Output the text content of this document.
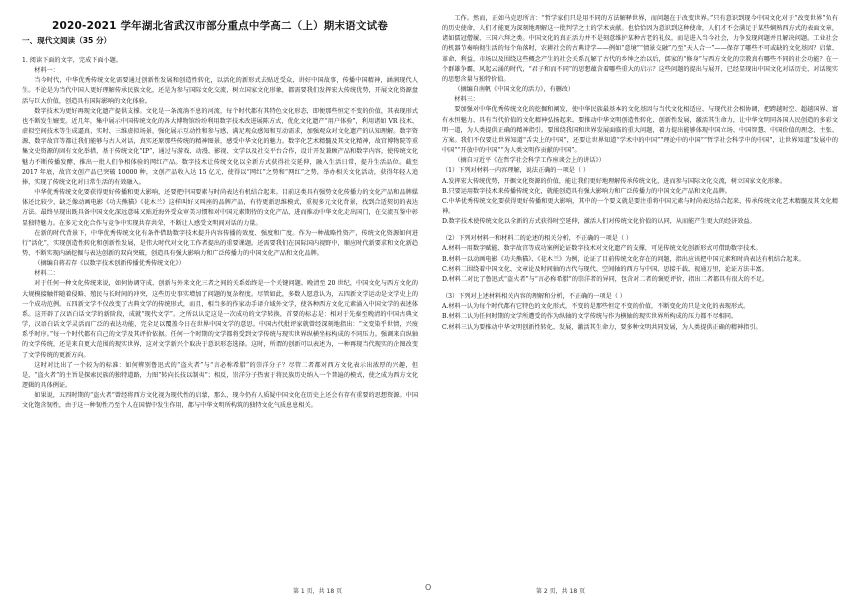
2020-2021 学年湖北省武汉市部分重点中学高二（上）期末语文试卷
一、现代文阅读（35 分）

1. 阅读下面的文字，完成下面小题。

材料一：

当今时代，中华优秀传统文化需要通过创新性发展和创造性转化，以活化的新形式去贴近受众，讲好中国故事，传播中国精神，涵润现代人生。不论是为当代中国人更好理解传承民族文化，还是为参与国际文化交流，树立国家文化形象，都需要我们发挥宏大传统优势，开展文化资源盘活与巨大价值，创造具有国际影响的文化体验。

数字技术为更好再现文化遗产提供支撑。文化是一条流淌不息的河流，每个时代都有其特色文化形态，即便那些恒定不变的价值，其表现形式也不断发生嬗变。近几年，集中展示中国传统文化的各大博物馆纷纷利用数字技术改进展陈方式，优化文化遗产“用户体验”，利用诸如 VR 技术、虚拟空间技术等生成逼真、实时、三维虚拟场景，强化展示互动性和参与感，满足观众感知和互动需求，加强观众对文化遗产的认知理解。数字资源、数字故宫等都让我们能够与古人对话，真实还原那些传统的精神图景，感受中华文化的魅力。数字化艺术精髓及其文化精神，故宫博物院等重集文史资源的固有文化举措，基于传统文化“IP”，通过与游戏、动漫、影视、文学以及社交平台合作，设计开发兼顾产品和数字内容，使传统文化魅力不断传播发酵，推出一批人们争相体验的网红产品。数字技术让传统文化以全新方式获得社交延伸，融入生活日常，提升生活品位。截至 2017 年底，故宫文创产品已突破 10000 种，文创产品收入达 15 亿元，使得以“网红”之势和“网红”之势，举办相关文化活动，获得年轻人追捧，实现了传统文化对日常生活的有效融入。

中华优秀传统文化要获得更好传播和更大影响，还要把中国要素与时尚表达有机结合起来。目前这类具有强势文化传播力的文化产品和品牌媒体还比较少，缺乏像动画电影《功夫熊猫》《花木兰》这样叫好又叫座的品牌产品，有待更新思维模式，重视多元文化背景，找到合适契切的表达方法。最终呈现出既具备中国文化深远意味又贴近海外受众审美习惯和对中国元素期待的文化产品，进而推动中华文化走出国门，在交流互鉴中彰显独特魅力。在多元文化合作与竞争中实现共存共荣，不断让人感受文明间对话的力量。

在新的时代背景下，中华优秀传统文化有条件借助数字技术提升内容传播的效度、强度和广度。作为一种战略性资产，传统文化资源如何进行“活化”，实现创造性转化和创新性发展，是伟大时代对文化工作者提出的重要课题。还需要我们在国际国内视野中，顺应时代新要求和文化新趋势，不断实现内涵挖掘与表达创新的双向突破，创造具有强大影响力和广泛传播力的中国文化产品和文化品牌。

（摘编自蒋若存《以数字技术创新传播优秀传统文化》）

材料二：

对于任何一种文化传统来说，如何协调守成、创新与外来文化三者之间的关系始终是一个关键问题。晚清至 20 世纪，中国文化与西方文化的大规模接触伴随着侵略、殖民与长时间的冲突，这些历史事实增加了问题的复杂程度。尽管如此，多数人愿意认为，五四新文学运动是文学史上的一个成功范例。五四新文学不仅改变了古典文学的传统形式，而且，相当多的作家动手译介域外文学，使各种西方文化元素涌入中国文学的表述体系。这开辟了汉语白话文学的新阶段，成就“现代文学”。之所以认定这是一次成功的文学转换，首要的标志是：相对于先秦至晚清的中国古典文学，汉语白话文学灵活而广泛的表达功能，完全足以覆盖今日在世界中国文学的意思。中国古代批评家就曾经深刻地指出：“文变染乎世情，兴废系乎时序。”每一个时代都有自己的文学及其评价依据。任何一个时期的文学都将受到文学传统与现实世界纵横坐标构成的不同压力。强调来自纵轴的文学传统，还是来自更大范围的现实世界，这对文学新兴个取决于意识形态选择。这时，所谓的创新可以表述为，一种再现当代现实的企图改变了文学传统的更新方向。

这时对比出了一个较为的标准：如何辨别鲁迅式的“盗火者”与“言必称希腊”的崇洋分子？尽管二者都对西方文化表示出浓厚的兴趣，但是，“盗火者”的主旨是探索民族的独特道路，力图“转向长技以制夷”；相反，崇洋分子热衷于将民族历史纳入一个普遍的模式，使之成为西方文化逻辑的具体例证。

如果说，五四时期的“盗火者”曾经将西方文化视为现代性的启蒙，那么，现今仍有人质疑中国文化在历史上还会有存有重要的思想资源。中国文化饱含韧性，由于这一种韧性乃至个人在国情中发生作用，都与中华文明所构筑的独特文化气质息息相关。

工作。然而，正如马克思所言：“哲学家们只是用不同的方法解释世界，而问题在于改变世界。”只有意识到现今中国文化对于“改变世界”负有的历史使命，人们才能更为深刻地理解这一批判学之士的学术贡献。也恰恰因为意识到这种使命，人们才不会满足于某些娴熟西方式的表面文章，诸如儒冠僧履、三国六拜之类。中国文化的真正活力并不是刻意维护某种古老的礼仪，而是进入当今社会，力争发现问题并且解决问题。工业社会的机器节奏响彻生活的每个角落时，农耕社会的古典诗学——例如“意境”“情景交融”乃至“天人合一”——保存了哪些不可或缺的文化基因？启蒙、革命、利益、市场以及围绕这些概念产生的社会关系瓦解了古代的乡绅之治以后，儒家的“修身”与西方文化的宗教真有哪些不同的社会功能？在一个群雄争霸、风起云涌的时代，“君子和而不同”的思想蕴含着哪些重大的启示？这些问题的提出与展开，已经显现出中国文化对话历史、对话现实的思想含量与独特价值。

（摘编自南帆《中国文化的活力》，有删改）

材料三：

要加强对中华优秀传统文化的挖掘和阐发，使中华民族最基本的文化基因与当代文化相适应、与现代社会相协调，把跨越时空、超越国界、富有永恒魅力、具有当代价值的文化精神弘扬起来。要推动中华文明创造性转化、创新性发展，激活其生命力，让中华文明同各国人民创造的多彩文明一道，为人类提供正确的精神指引。要围绕我国和世界发展面临的重大问题，着力提出能够体现中国立场、中国智慧、中国价值的理念、主张、方案。我们不仅要让世界知道“舌尖上的中国”，还要让世界知道“学术中的中国”“理论中的中国”“哲学社会科学中的中国”，让世界知道“发展中的中国”“开放中的中国”“为人类文明作贡献的中国”。

（摘自习近平《在哲学社会科学工作座谈会上的讲话》）

（1）下列对材料一内容理解，说法正确的一项是（ ）

A.发挥宏大传统优势，开掘文化资源的价值，能让我们更好地理解传承传统文化，进而参与国际文化交流，树立国家文化形象。

B.只要运用数字技术来传播传统文化，就能创造具有强大影响力和广泛传播力的中国文化产品和文化品牌。

C.中华优秀传统文化要获得更好传播和更大影响，其中的一个要义就是要注重将中国元素与时尚表达结合起来，传承传统文化艺术精髓及其文化精神。

D.数字技术使传统文化以全新的方式获得时空延伸，激活人们对传统文化价值的认同，从而能产生更大的经济效益。

（2）下列对材料一和材料二的论述的相关分析，不正确的一项是（ ）

A.材料一用数字赋能、数字故宫等成功案例论证数字技术对文化遗产的支撑，可见传统文化创新形式可借助数字技术。

B.材料一以动画电影《功夫熊猫》、《花木兰》为例，论证了目前传统文化存在的问题，指出应该把中国元素和时尚表达有机结合起来。

C.材料二围绕着中国文化、文章论及时间轴的古代与现代、空间轴的西方与中国、思接千载、视通万里，论证方法丰富。

D.材料二对比了鲁迅式“盗火者”与“言必称希腊”的崇洋者的异同，包含对二者的褒贬评价，指出二者都具有很大的不足。

（3）下列对上述材料相关内容的理解和分析，不正确的一项是（ ）

A.材料一认为每个时代都有它特色的文化形式，不变的是那些恒定不变的价值，不断变化的只是文化的表现形式。

B.材料二认为任何时期的文学所遭受的作为纵轴的文学传统与作为横轴的现实世界所构成的压力都不尽相同。

C.材料三认为要推动中华文明创新性转化、发展，激活其生命力，要多种文明共同发展，为人类提供正确的精神指引。

第 1 页，共 18 页	O	第 2 页，共 18 页
